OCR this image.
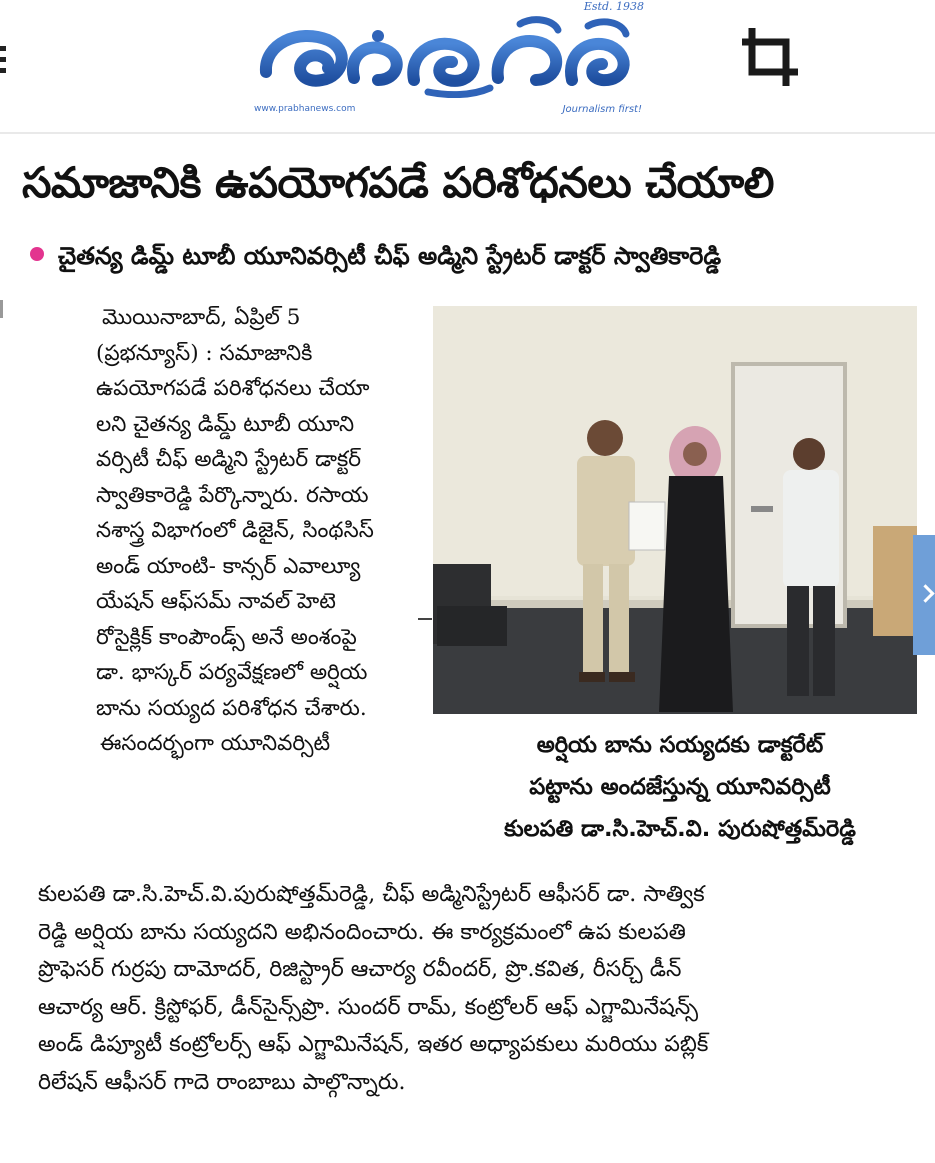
Estd. 1938
ఆంధ్రప్రభ
www.prabhanews.com	Journalism first!
సమాజానికి ఉపయోగపడే పరిశోధనలు చేయాలి
చైతన్య డిమ్డ్ టూబీ యూనివర్సిటీ చీఫ్ అడ్మిని స్ట్రేటర్ డాక్టర్ స్వాతికారెడ్డి
మొయినాబాద్, ఏప్రిల్ 5
(ప్రభన్యూస్) : సమాజానికి
ఉపయోగపడే పరిశోధనలు చేయా
లని చైతన్య డిమ్డ్ టూబీ యూని
వర్సిటీ చీఫ్ అడ్మిని స్ట్రేటర్ డాక్టర్
స్వాతికారెడ్డి పేర్కొన్నారు. రసాయ
నశాస్త్ర విభాగంలో డిజైన్, సింథసిస్
అండ్ యాంటి- కాన్సర్ ఎవాల్యూ
యేషన్ ఆఫ్‌సమ్ నావల్ హెటె
రోసైక్లిక్ కాంపౌండ్స్ అనే అంశంపై
డా. భాస్కర్ పర్యవేక్షణలో అర్షియ
బాను సయ్యద పరిశోధన చేశారు.
ఈసందర్భంగా యూనివర్సిటీ	అర్షియ బాను సయ్యదకు డాక్టరేట్
పట్టాను అందజేస్తున్న యూనివర్సిటీ
కులపతి డా.సి.హెచ్.వి. పురుషోత్తమ్‌రెడ్డి
కులపతి డా.సి.హెచ్.వి.పురుషోత్తమ్‌రెడ్డి, చీఫ్ అడ్మినిస్ట్రేటర్ ఆఫీసర్ డా. సాత్విక
రెడ్డి అర్షియ బాను సయ్యదని అభినందించారు. ఈ కార్యక్రమంలో ఉప కులపతి
ప్రొఫెసర్ గుర్రపు దామోదర్, రిజిస్ట్రార్ ఆచార్య రవీందర్, ప్రొ.కవిత, రీసర్చ్ డీన్
ఆచార్య ఆర్. క్రిస్టోఫర్, డీన్‌సైన్స్‌ప్రొ. సుందర్ రామ్, కంట్రోలర్ ఆఫ్ ఎగ్జామినేషన్స్
అండ్ డిప్యూటీ కంట్రోలర్స్ ఆఫ్ ఎగ్జామినేషన్, ఇతర అధ్యాపకులు మరియు పబ్లిక్
రిలేషన్ ఆఫీసర్ గాదె రాంబాబు పాల్గొన్నారు.
